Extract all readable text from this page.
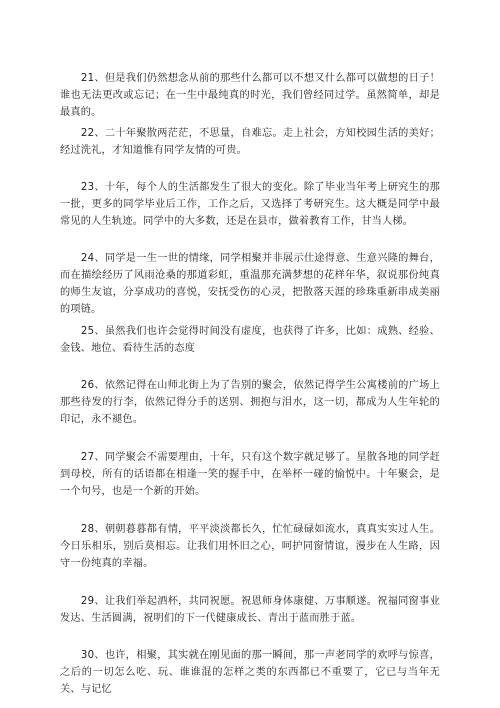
21、但是我们仍然想念从前的那些什么都可以不想又什么都可以做想的日子！谁也无法更改或忘记；在一生中最纯真的时光，我们曾经同过学。虽然简单，却是最真的。

22、二十年聚散两茫茫，不思量，自难忘。走上社会，方知校园生活的美好；经过洗礼，才知道惟有同学友情的可贵。

23、十年，每个人的生活都发生了很大的变化。除了毕业当年考上研究生的那一批，更多的同学毕业后工作，工作之后，又选择了考研究生。这大概是同学中最常见的人生轨迹。同学中的大多数，还是在县市，做着教育工作，甘当人梯。

24、同学是一生一世的情缘，同学相聚并非展示仕途得意、生意兴隆的舞台，而在描绘经历了风雨沧桑的那道彩虹，重温那充满梦想的花样年华，叙说那份纯真的师生友谊，分享成功的喜悦，安抚受伤的心灵，把散落天涯的珍珠重新串成美丽的项链。

25、虽然我们也许会觉得时间没有虚度，也获得了许多，比如：成熟、经验、金钱、地位、看待生活的态度

26、依然记得在山师北街上为了告别的聚会，依然记得学生公寓楼前的广场上那些待发的行李，依然记得分手的送别、拥抱与泪水，这一切，都成为人生年轮的印记，永不褪色。

27、同学聚会不需要理由，十年，只有这个数字就足够了。星散各地的同学赶到母校，所有的话语都在相逢一笑的握手中，在举杯一碰的愉悦中。十年聚会，是一个句号，也是一个新的开始。

28、朝朝暮暮都有情，平平淡淡都长久，忙忙碌碌如流水，真真实实过人生。今日乐相乐，别后莫相忘。让我们用怀旧之心，呵护同窗情谊，漫步在人生路，因守一份纯真的幸福。

29、让我们举起酒杯，共同祝愿。祝恩师身体康健、万事顺遂。祝福同窗事业发达、生活圆满，祝明们的下一代健康成长、青出于蓝而胜于蓝。

30、也许，相聚，其实就在刚见面的那一瞬间，那一声老同学的欢呼与惊喜，之后的一切怎么吃、玩、谁谁混的怎样之类的东西都已不重要了，它已与当年无关、与记忆
